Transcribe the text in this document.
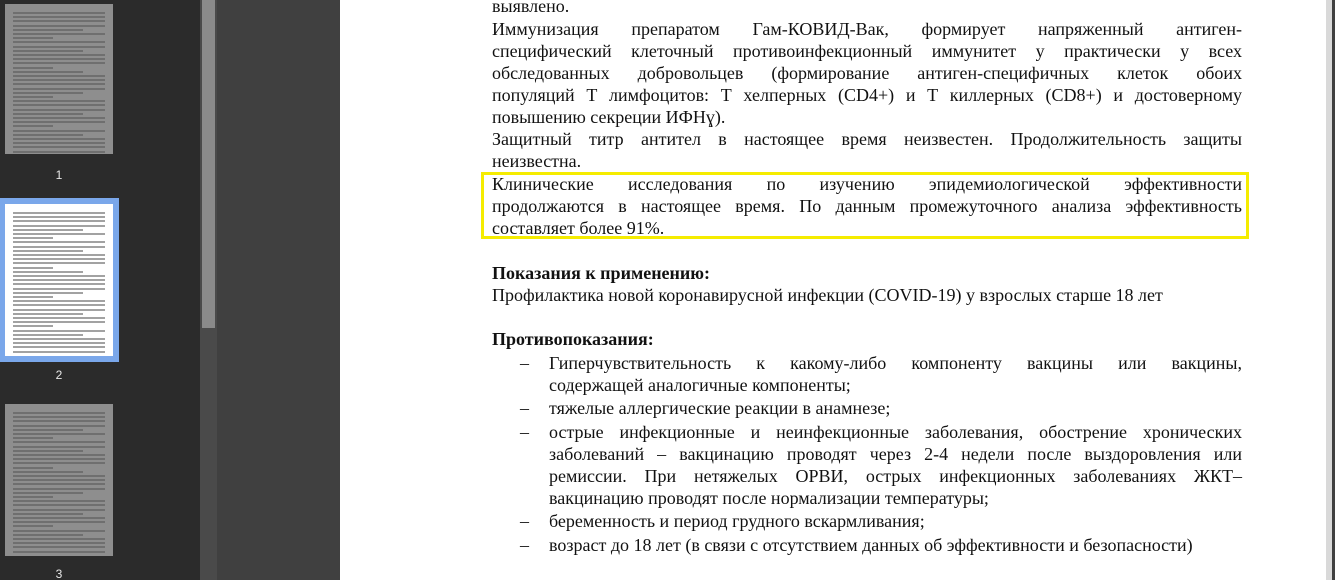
1
2
3
выявлено.
Иммунизация препаратом Гам-КОВИД-Вак, формирует напряженный антиген-
специфический клеточный противоинфекционный иммунитет у практически у всех
обследованных добровольцев (формирование антиген-специфичных клеток обоих
популяций Т лимфоцитов: Т хелперных (CD4+) и Т киллерных (CD8+) и достоверному
повышению секреции ИФНɣ).
Защитный титр антител в настоящее время неизвестен. Продолжительность защиты
неизвестна.
Клинические исследования по изучению эпидемиологической эффективности
продолжаются в настоящее время. По данным промежуточного анализа эффективность
составляет более 91%.
Показания к применению:
Профилактика новой коронавирусной инфекции (COVID-19) у взрослых старше 18 лет
Противопоказания:
– Гиперчувствительность к какому-либо компоненту вакцины или вакцины,
содержащей аналогичные компоненты;
– тяжелые аллергические реакции в анамнезе;
– острые инфекционные и неинфекционные заболевания, обострение хронических
заболеваний – вакцинацию проводят через 2-4 недели после выздоровления или
ремиссии. При нетяжелых ОРВИ, острых инфекционных заболеваниях ЖКТ–
вакцинацию проводят после нормализации температуры;
– беременность и период грудного вскармливания;
– возраст до 18 лет (в связи с отсутствием данных об эффективности и безопасности)
